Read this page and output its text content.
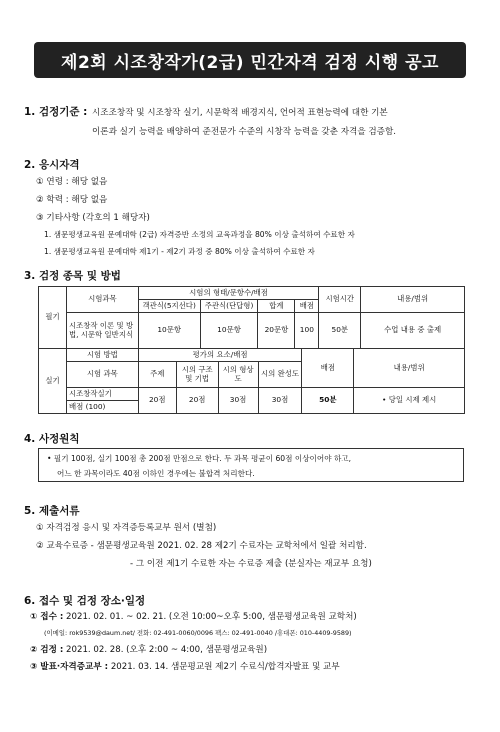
제2회 시조창작가(2급) 민간자격 검정 시행 공고
1. 검정기준 : 시조조창작 및 시조창작 실기, 시문학적 배경지식, 언어적 표현능력에 대한 기본
이론과 실기 능력을 배양하여 준전문가 수준의 시창작 능력을 갖춘 자격을 검증함.
2. 응시자격
① 연령 : 해당 없음
② 학력 : 해당 없음
③ 기타사항 (각호의 1 해당자)
1. 샘문평생교육원 문예대학 (2급) 자격증반 소정의 교육과정을 80% 이상 출석하여 수료한 자
1. 샘문평생교육원 문예대학 제1기 - 제2기 과정 중 80% 이상 출석하여 수료한 자
3. 검정 종목 및 방법
필기	시험과목	시험의 형태/문항수/배점				시험시간	내용/범위
		객관식(5지선다)	주관식(단답형)	합계	배점		
	시조창작 이론 및 방법, 시문학 일반지식	10문항	10문항	20문항	100	50분	수업 내용 중 출제
실기	시험 방법	평가의 요소/배점				배점	내용/범위
	시험 과목	주제	시의 구조 및 기법	시의 형상도	시의 완성도		
	시조창작실기	20점	20점	30점	30점	50분	• 당일 시제 제시
	배점 (100)						
4. 사정원칙
• 필기 100점, 실기 100점 총 200점 만점으로 한다. 두 과목 평균이 60점 이상이어야 하고,
어느 한 과목이라도 40점 이하인 경우에는 불합격 처리한다.
5. 제출서류
① 자격검정 응시 및 자격증등록교부 원서 (별첨)
② 교육수료증 - 샘문평생교육원 2021. 02. 28 제2기 수료자는 교학처에서 일괄 처리함.
- 그 이전 제1기 수료한 자는 수료증 제출 (분실자는 재교부 요청)
6. 접수 및 검정 장소·일정
① 접수 : 2021. 02. 01. ~ 02. 21. (오전 10:00~오후 5:00, 샘문평생교육원 교학처)
(이메일: rok9539@daum.net/ 전화: 02-491-0060/0096 팩스: 02-491-0040 /휴대폰: 010-4409-9589)
② 검정 : 2021. 02. 28. (오후 2:00 ~ 4:00, 샘문평생교육원)
③ 발표·자격증교부 : 2021. 03. 14. 샘문평교원 제2기 수료식/합격자발표 및 교부
